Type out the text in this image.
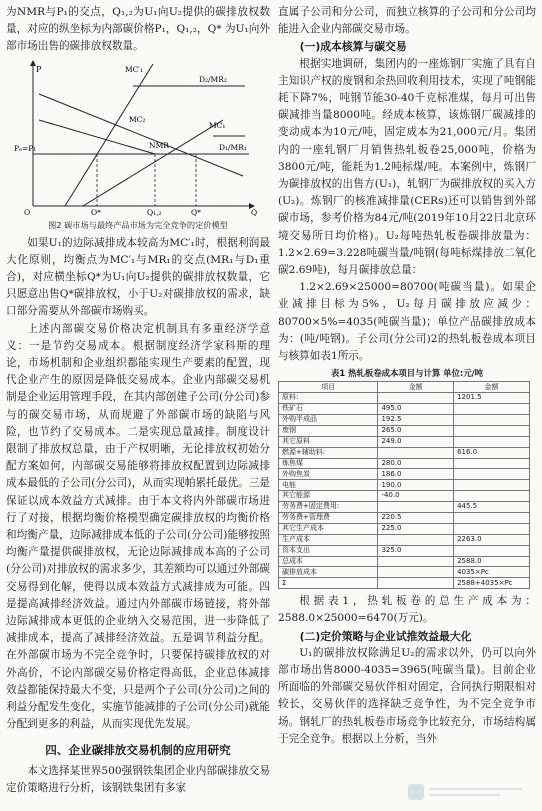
为NMR与P₁的交点，Q₁,₂为U₁向U₂提供的碳排放权数量，对应的纵坐标为内部碳价格P₁，Q₁,₂，Q* 为U₁向外部市场出售的碳排放权数量。

P	MC′₁
D₂/MR₂
MC₂
NMR
MC₁
Pₑ=P₁	D₁/MR₁
O	O*	Q₁,₂	Q*	Q

图2 碳市场与最终产品市场为完全竞争的定价模型

如果U₁的边际减排成本较高为MC′₁时，根据利润最大化原则，均衡点为MC′₁与MR₁的交点(MR₁与D₁重合)，对应横坐标Q*为U₁向U₂提供的碳排放权数量，它只愿意出售Q*碳排放权，小于U₂对碳排放权的需求，缺口部分需要从外部碳市场购买。

上述内部碳交易价格决定机制具有多重经济学意义：一是节约交易成本。根据制度经济学家科斯的理论，市场机制和企业组织都能实现生产要素的配置，现代企业产生的原因是降低交易成本。企业内部碳交易机制是企业运用管理手段，在其内部创建子公司(分公司)参与的碳交易市场，从而规避了外部碳市场的缺陷与风险，也节约了交易成本。二是实现总量减排。制度设计限制了排放权总量，由于产权明晰，无论排放权初始分配方案如何，内部碳交易能够将排放权配置到边际减排成本最低的子公司(分公司)，从而实现帕累托最优。三是保证以成本效益方式减排。由于本文将内外部碳市场进行了对接，根据均衡价格模型确定碳排放权的均衡价格和均衡产量，边际减排成本低的子公司(分公司)能够按照均衡产量提供碳排放权，无论边际减排成本高的子公司(分公司)对排放权的需求多少，其差额均可以通过外部碳交易得到化解，使得以成本效益方式减排成为可能。四是提高减排经济效益。通过内外部碳市场链接，将外部边际减排成本更低的企业纳入交易范围，进一步降低了减排成本，提高了减排经济效益。五是调节利益分配。在外部碳市场为不完全竞争时，只要保持碳排放权的对外高价，不论内部碳交易价格定得高低，企业总体减排效益都能保持最大不变，只是两个子公司(分公司)之间的利益分配发生变化，实施节能减排的子公司(分公司)就能分配到更多的利益，从而实现优先发展。

四、企业碳排放交易机制的应用研究

本文选择某世界500强钢铁集团企业内部碳排放交易定价策略进行分析，该钢铁集团有多家

直属子公司和分公司，而独立核算的子公司和分公司均能进入企业内部碳交易市场。

(一)成本核算与碳交易

根据实地调研，集团内的一座炼钢厂实施了具有自主知识产权的废钢和余热回收利用技术，实现了吨钢能耗下降7%，吨钢节能30-40千克标准煤，每月可出售碳减排当量8000吨。经成本核算，该炼钢厂碳减排的变动成本为10元/吨，固定成本为21,000元/月。集团内的一座轧钢厂月销售热轧板卷25,000吨，价格为3800元/吨，能耗为1.2吨标煤/吨。本案例中，炼钢厂为碳排放权的出售方(U₁)，轧钢厂为碳排放权的买入方(U₂)。炼钢厂的核准减排量(CERs)还可以销售到外部碳市场，参考价格为84元/吨(2019年10月22日北京环境交易所日均价格)。U₂每吨热轧板卷碳排放量为：1.2×2.69=3.228吨碳当量/吨钢(每吨标煤排放二氧化碳2.69吨)，每月碳排放总量：

1.2×2.69×25000=80700(吨碳当量)。如果企业减排目标为5%，U₂每月碳排放应减少：80700×5%=4035(吨碳当量)；单位产品碳排放成本为：(吨/吨钢)。子公司(分公司)2的热轧板卷成本项目与核算如表1所示。

表1 热轧板卷成本项目与计算 单位:元/吨

项目	金额	金额
原料:		1201.5
铁矿石	495.0	
外购半成品	192.5	
废钢	265.0	
其它原料	249.0	
燃源+辅助料:		616.0
炼焦煤	280.0	
外购焦炭	186.0	
电能	190.0	
其它能源	-40.0	
劳务费+固定费用:		445.5
劳务费+管理费	220.5	
其它生产成本	225.0	
生产成本		2263.0
资本支出	325.0	
总成本		2588.0
碳排放成本		4035×Pc
Σ		2588+4035×Pc

根据表1，热轧板卷的总生产成本为：2588.0×25000=6470(万元)。

(二)定价策略与企业试推效益最大化

U₁的碳排放权除满足U₂的需求以外，仍可以向外部市场出售8000-4035=3965(吨碳当量)。目前企业所面临的外部碳交易伙伴相对固定，合同执行期限相对较长，交易伙伴的选择缺乏竞争性，为不完全竞争市场。钢轧厂的热轧板卷市场竞争比较充分，市场结构属于完全竞争。根据以上分析，当外
